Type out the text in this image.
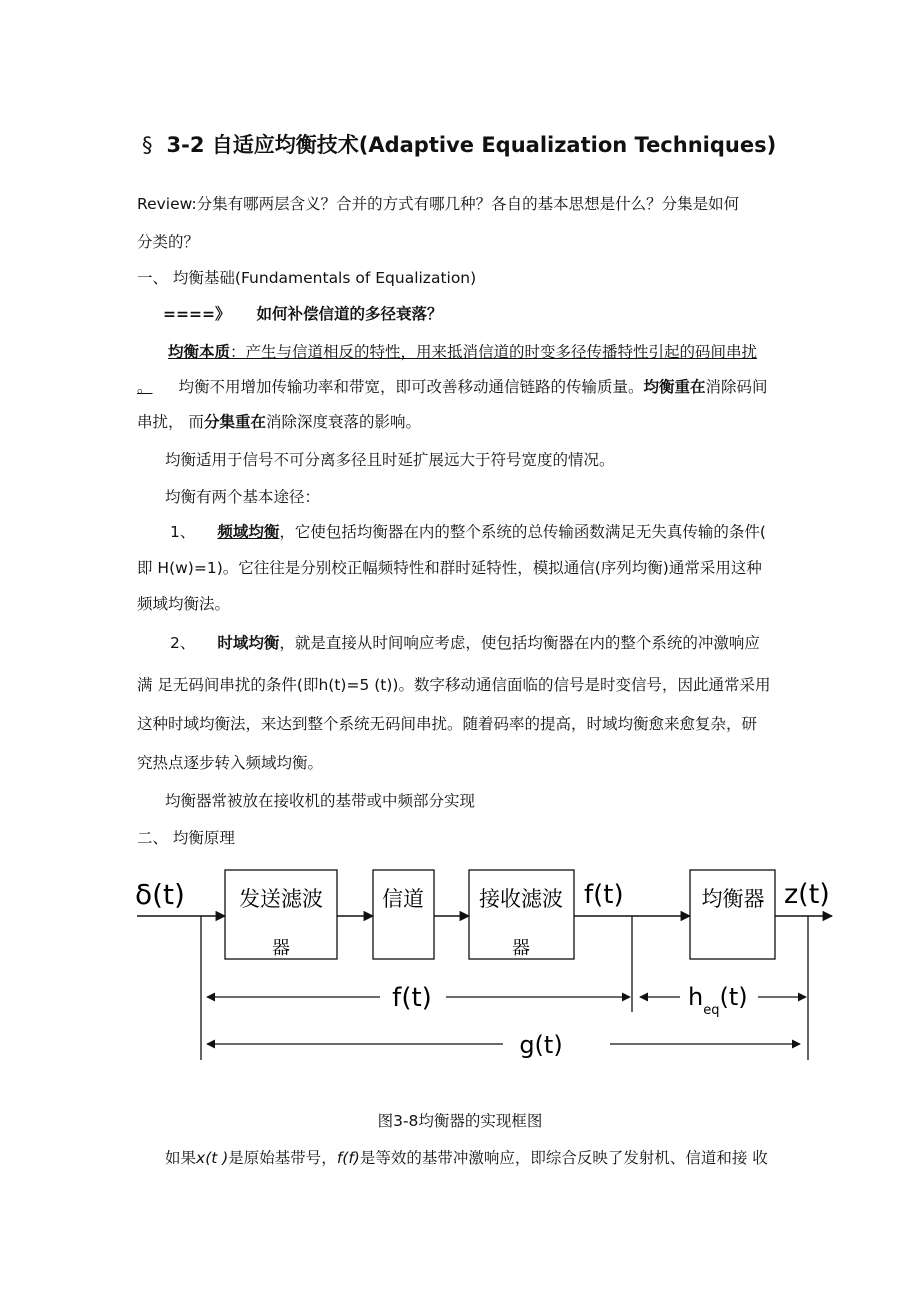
§ 3-2 自适应均衡技术(Adaptive Equalization Techniques)
Review:分集有哪两层含义？合并的方式有哪几种？各自的基本思想是什么？分集是如何
分类的？
一、 均衡基础(Fundamentals of Equalization)
====》 如何补偿信道的多径衰落？
均衡本质：产生与信道相反的特性，用来抵消信道的时变多径传播特性引起的码间串扰
。 均衡不用增加传输功率和带宽，即可改善移动通信链路的传输质量。均衡重在消除码间
串扰， 而分集重在消除深度衰落的影响。
均衡适用于信号不可分离多径且时延扩展远大于符号宽度的情况。
均衡有两个基本途径：
1、 频域均衡，它使包括均衡器在内的整个系统的总传输函数满足无失真传输的条件(
即 H(w)=1)。它往往是分别校正幅频特性和群时延特性，模拟通信(序列均衡)通常采用这种
频域均衡法。
2、 时域均衡，就是直接从时间响应考虑，使包括均衡器在内的整个系统的冲激响应
满 足无码间串扰的条件(即h(t)=5 (t))。数字移动通信面临的信号是时变信号，因此通常采用
这种时域均衡法，来达到整个系统无码间串扰。随着码率的提高，时域均衡愈来愈复杂，研
究热点逐步转入频域均衡。
均衡器常被放在接收机的基带或中频部分实现
二、 均衡原理
δ(t)	发送滤波
器
信道	接收滤波
器
f(t)	均衡器 z(t)
f(t)	$h_{eq}(t)$
g(t)
图3-8均衡器的实现框图
如果x(t )是原始基带号，f(f)是等效的基带冲激响应，即综合反映了发射机、信道和接 收
